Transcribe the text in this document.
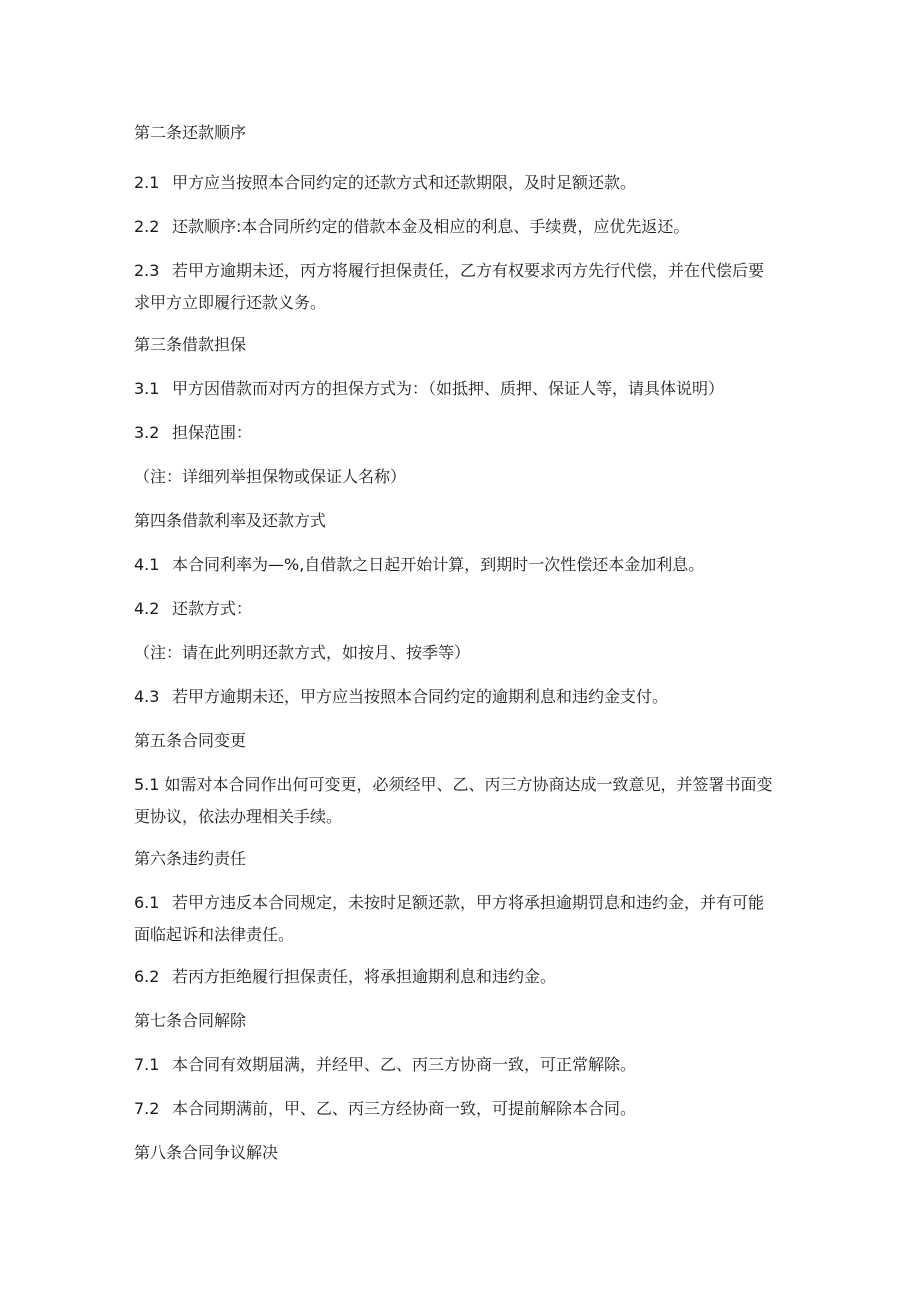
第二条还款顺序
2.1 甲方应当按照本合同约定的还款方式和还款期限，及时足额还款。
2.2 还款顺序:本合同所约定的借款本金及相应的利息、手续费，应优先返还。
2.3 若甲方逾期未还，丙方将履行担保责任，乙方有权要求丙方先行代偿，并在代偿后要求甲方立即履行还款义务。
第三条借款担保
3.1 甲方因借款而对丙方的担保方式为：（如抵押、质押、保证人等，请具体说明）
3.2 担保范围：
（注：详细列举担保物或保证人名称）
第四条借款利率及还款方式
4.1 本合同利率为—%,自借款之日起开始计算，到期时一次性偿还本金加利息。
4.2 还款方式：
（注：请在此列明还款方式，如按月、按季等）
4.3 若甲方逾期未还，甲方应当按照本合同约定的逾期利息和违约金支付。
第五条合同变更
5.1 如需对本合同作出何可变更，必须经甲、乙、丙三方协商达成一致意见，并签署书面变更协议，依法办理相关手续。
第六条违约责任
6.1 若甲方违反本合同规定，未按时足额还款，甲方将承担逾期罚息和违约金，并有可能面临起诉和法律责任。
6.2 若丙方拒绝履行担保责任，将承担逾期利息和违约金。
第七条合同解除
7.1 本合同有效期届满，并经甲、乙、丙三方协商一致，可正常解除。
7.2 本合同期满前，甲、乙、丙三方经协商一致，可提前解除本合同。
第八条合同争议解决
